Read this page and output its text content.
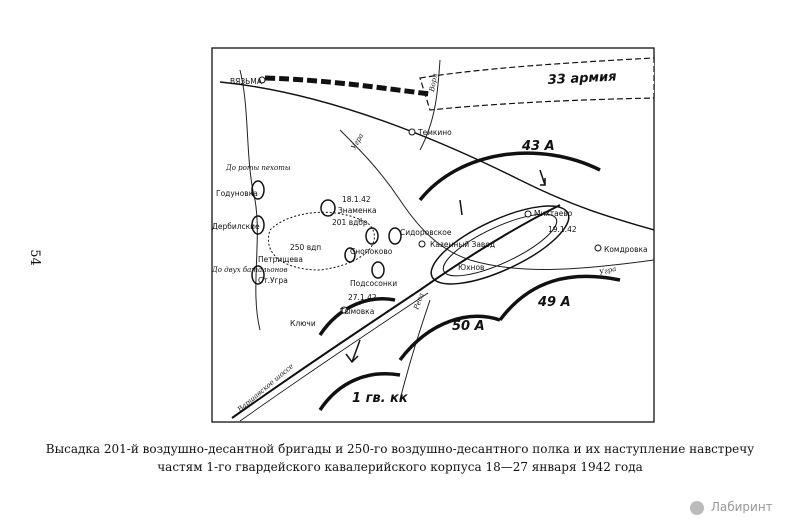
54
ВЯЗЬМА
Темкино
До роты пехоты
Годуновка
Дербилские
Знаменка
18.1.42
201 вдбр
250 вдп
Сидоровское
Снопоково
Казенный Завод
Юхнов
Михтаево
19.1.42
Комдровка
Петрищева
Ст.Угра
До двух батальонов
Подсосонки
27.1.42
Тымовка
Ключи
Угра
Угра
Реса
Воря
Варшавское шоссе
43 А
33 армия
49 А
50 А
1 гв. кк
Высадка 201-й воздушно-десантной бригады и 250-го воздушно-десантного полка и их наступление навстречу
частям 1-го гвардейского кавалерийского корпуса 18—27 января 1942 года
Лабиринт
